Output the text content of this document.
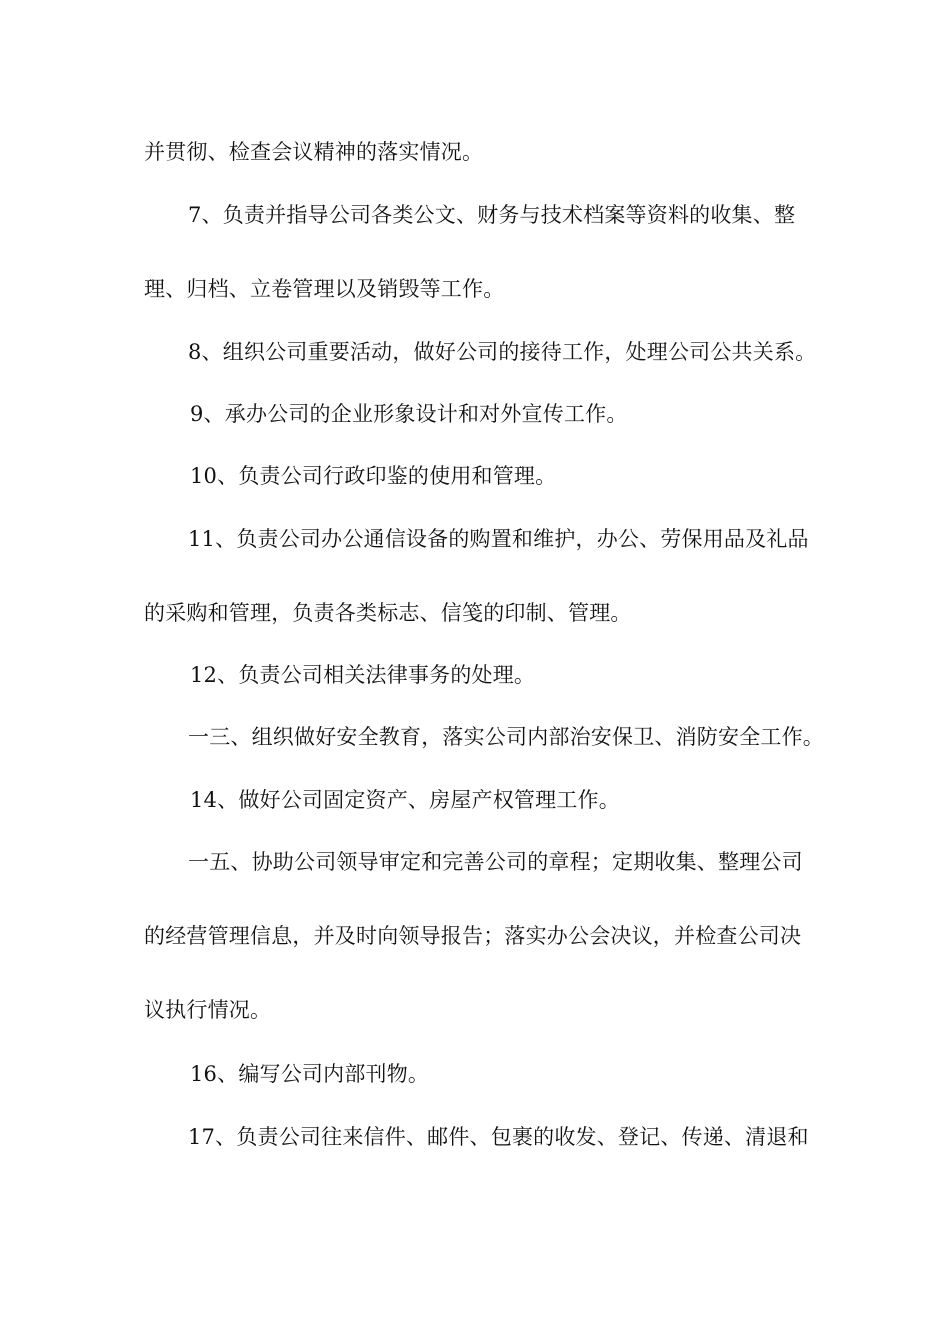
并贯彻、检查会议精神的落实情况。
7、负责并指导公司各类公文、财务与技术档案等资料的收集、整
理、归档、立卷管理以及销毁等工作。
8、组织公司重要活动，做好公司的接待工作，处理公司公共关系。
9、承办公司的企业形象设计和对外宣传工作。
10、负责公司行政印鉴的使用和管理。
11、负责公司办公通信设备的购置和维护，办公、劳保用品及礼品
的采购和管理，负责各类标志、信笺的印制、管理。
12、负责公司相关法律事务的处理。
一三、组织做好安全教育，落实公司内部治安保卫、消防安全工作。
14、做好公司固定资产、房屋产权管理工作。
一五、协助公司领导审定和完善公司的章程；定期收集、整理公司
的经营管理信息，并及时向领导报告；落实办公会决议，并检查公司决
议执行情况。
16、编写公司内部刊物。
17、负责公司往来信件、邮件、包裹的收发、登记、传递、清退和
